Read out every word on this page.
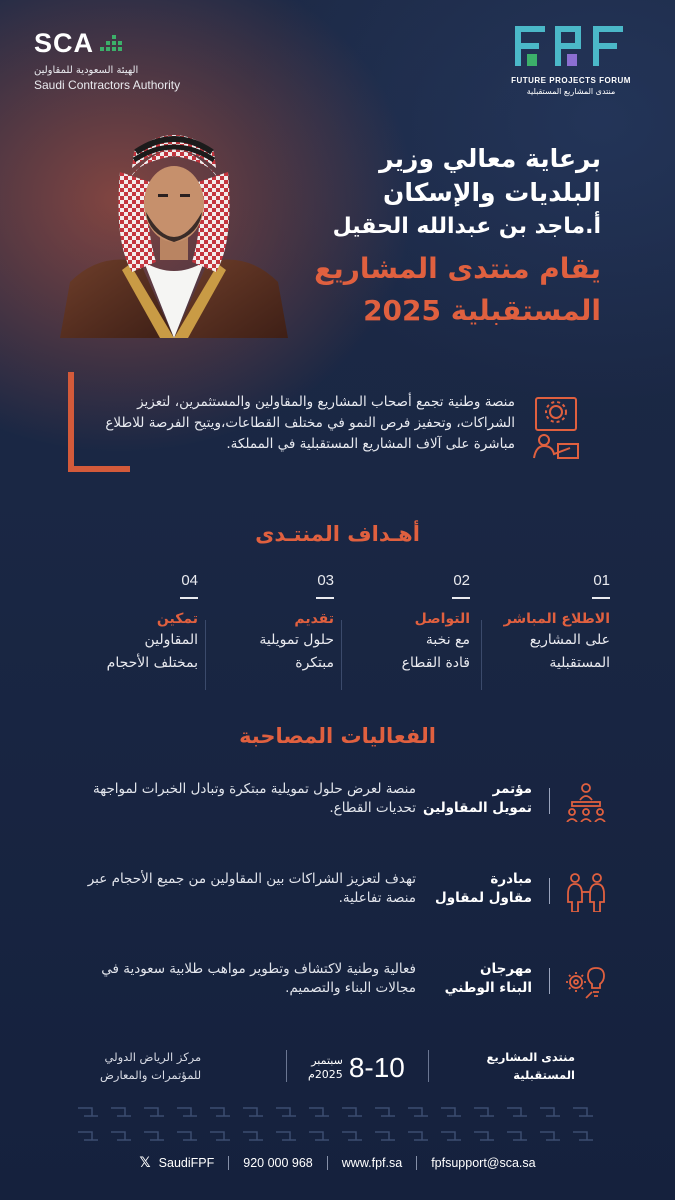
SCA
الهيئة السعودية للمقاولين
Saudi Contractors Authority	FUTURE PROJECTS FORUM
منتدى المشاريع المستقبلية
برعاية معالي وزير
البلديات والإسكان
أ.ماجد بن عبدالله الحقيل
يقام منتدى المشاريع
المستقبلية 2025

منصة وطنية تجمع أصحاب المشاريع والمقاولين والمستثمرين، لتعزيز الشراكات، وتحفيز فرص النمو في مختلف القطاعات،ويتيح الفرصة للاطلاع مباشرة على آلاف المشاريع المستقبلية في المملكة.

أهـداف المنتـدى
01
الاطلاع المباشر
على المشاريع
المستقبلية
02
التواصل
مع نخبة
قادة القطاع
03
تقديم
حلول تمويلية
مبتكرة
04
تمكين
المقاولين
بمختلف الأحجام
الفعاليات المصاحبة
مؤتمر
تمويل المقاولين
منصة لعرض حلول تمويلية مبتكرة وتبادل الخبرات لمواجهة تحديات القطاع.
مبادرة
مقاول لمقاول
تهدف لتعزيز الشراكات بين المقاولين من جميع الأحجام عبر منصة تفاعلية.
مهرجان
البناء الوطني
فعالية وطنية لاكتشاف وتطوير مواهب طلابية سعودية في مجالات البناء والتصميم.
منتدى المشاريع
المستقبلية
8-10
سبتمبر
2025م
مركز الرياض الدولي
للمؤتمرات والمعارض
𝕏 SaudiFPF	920 000 968	www.fpf.sa	fpfsupport@sca.sa
